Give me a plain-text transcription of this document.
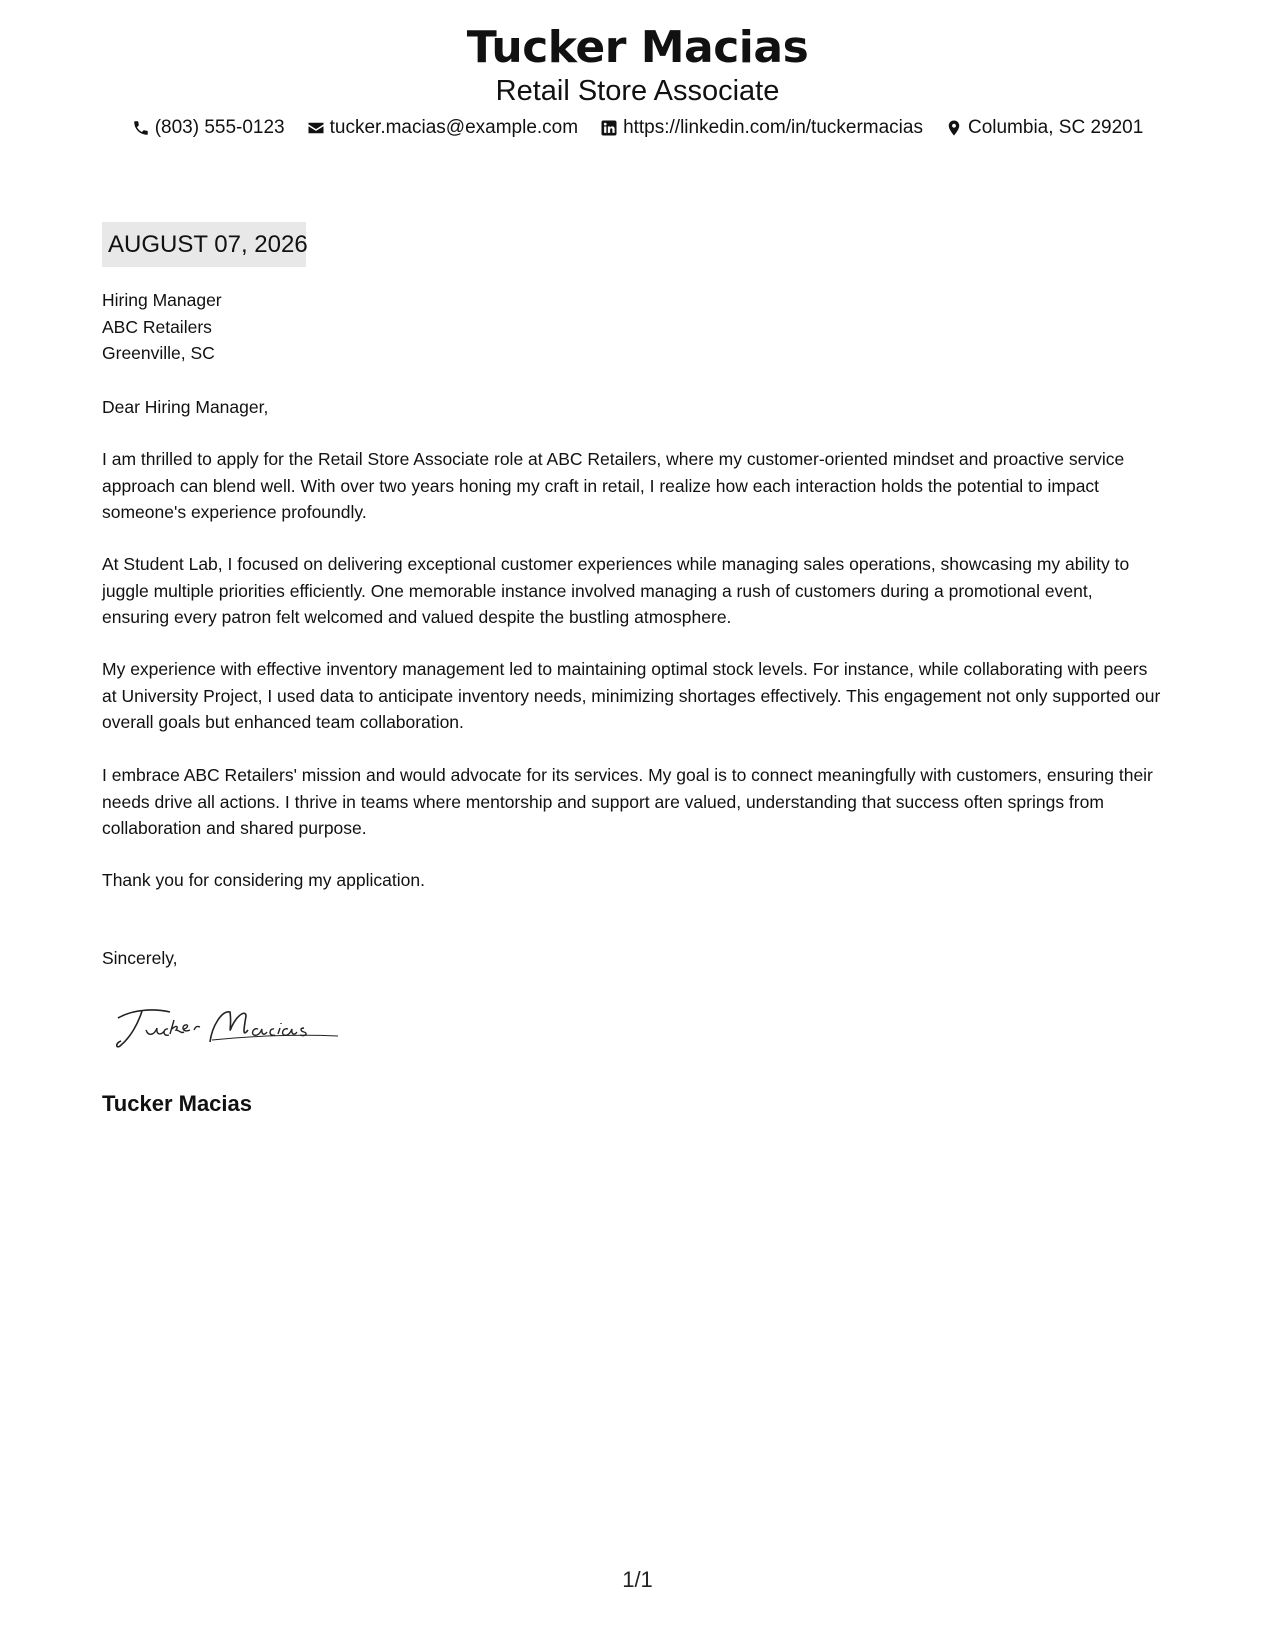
Tucker Macias
Retail Store Associate
(803) 555-0123 tucker.macias@example.com https://linkedin.com/in/tuckermacias Columbia, SC 29201
AUGUST 07, 2026
Hiring Manager
ABC Retailers
Greenville, SC
Dear Hiring Manager,
I am thrilled to apply for the Retail Store Associate role at ABC Retailers, where my customer-oriented mindset and proactive service approach can blend well. With over two years honing my craft in retail, I realize how each interaction holds the potential to impact someone's experience profoundly.
At Student Lab, I focused on delivering exceptional customer experiences while managing sales operations, showcasing my ability to juggle multiple priorities efficiently. One memorable instance involved managing a rush of customers during a promotional event, ensuring every patron felt welcomed and valued despite the bustling atmosphere.
My experience with effective inventory management led to maintaining optimal stock levels. For instance, while collaborating with peers at University Project, I used data to anticipate inventory needs, minimizing shortages effectively. This engagement not only supported our overall goals but enhanced team collaboration.
I embrace ABC Retailers' mission and would advocate for its services. My goal is to connect meaningfully with customers, ensuring their needs drive all actions. I thrive in teams where mentorship and support are valued, understanding that success often springs from collaboration and shared purpose.
Thank you for considering my application.
Sincerely,
Tucker Macias
1/1
